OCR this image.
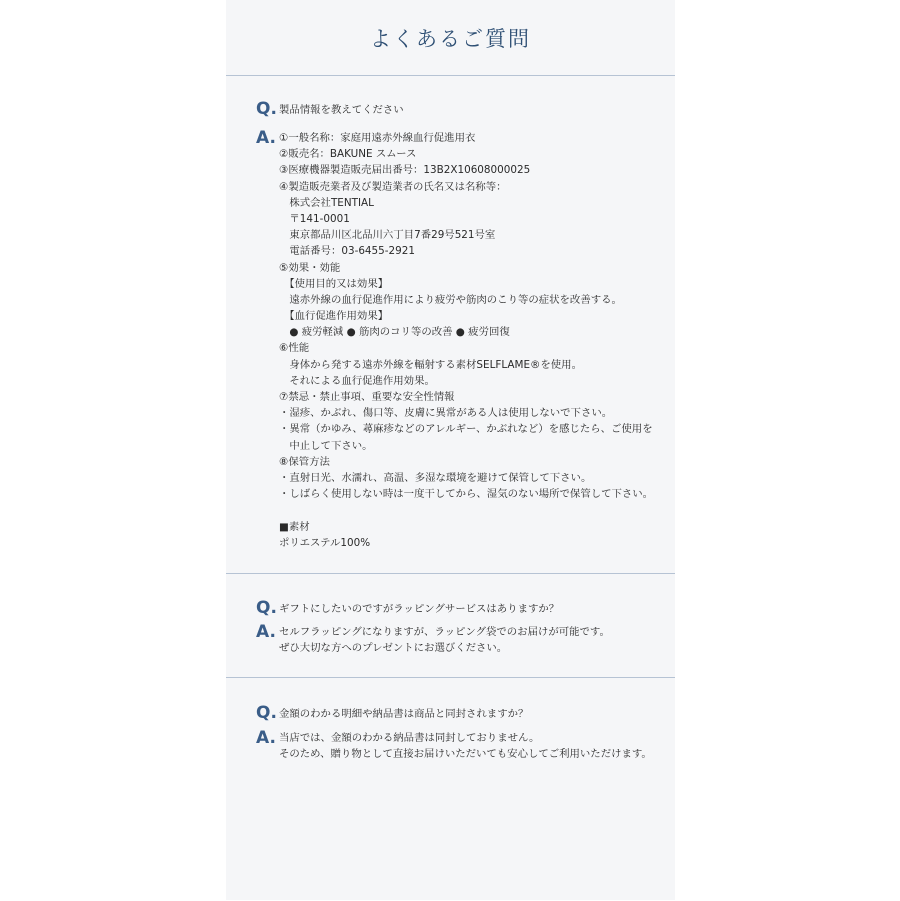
よくあるご質問
Q. 製品情報を教えてください
A. ①一般名称：家庭用遠赤外線血行促進用衣
②販売名：BAKUNE スムース
③医療機器製造販売届出番号：13B2X10608000025
④製造販売業者及び製造業者の氏名又は名称等：
　株式会社TENTIAL
　〒141-0001
　東京都品川区北品川六丁目7番29号521号室
　電話番号：03-6455-2921
⑤効果・効能
　【使用目的又は効果】
　遠赤外線の血行促進作用により疲労や筋肉のこり等の症状を改善する。
　【血行促進作用効果】
　● 疲労軽減 ● 筋肉のコリ等の改善 ● 疲労回復
⑥性能
　身体から発する遠赤外線を輻射する素材SELFLAME®を使用。
　それによる血行促進作用効果。
⑦禁忌・禁止事項、重要な安全性情報
・湿疹、かぶれ、傷口等、皮膚に異常がある人は使用しないで下さい。
・異常（かゆみ、蕁麻疹などのアレルギー、かぶれなど）を感じたら、ご使用を
　中止して下さい。
⑧保管方法
・直射日光、水濡れ、高温、多湿な環境を避けて保管して下さい。
・しばらく使用しない時は一度干してから、湿気のない場所で保管して下さい。
■素材
ポリエステル100%
Q. ギフトにしたいのですがラッピングサービスはありますか？
A. セルフラッピングになりますが、ラッピング袋でのお届けが可能です。
ぜひ大切な方へのプレゼントにお選びください。
Q. 金額のわかる明細や納品書は商品と同封されますか？
A. 当店では、金額のわかる納品書は同封しておりません。
そのため、贈り物として直接お届けいただいても安心してご利用いただけます。
